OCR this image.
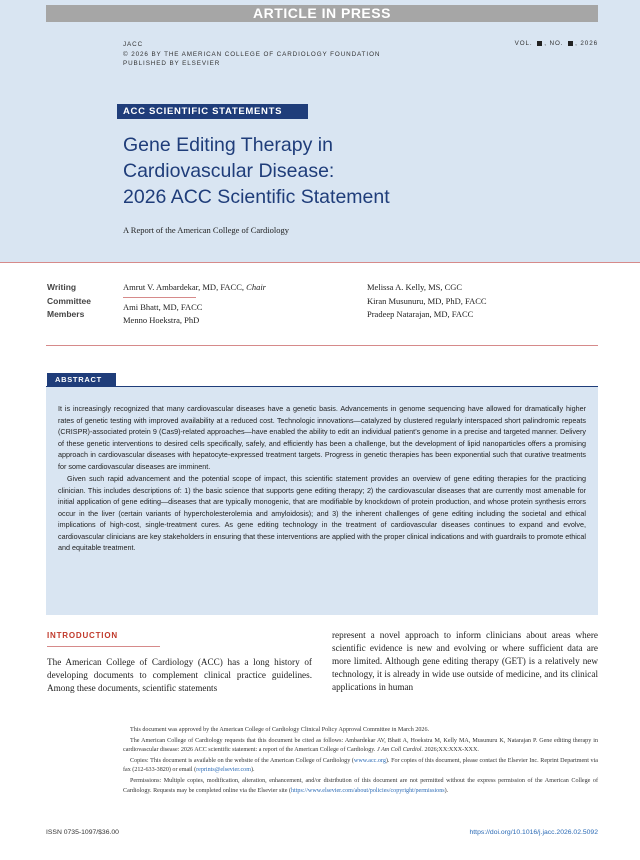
ARTICLE IN PRESS
JACC
© 2026 BY THE AMERICAN COLLEGE OF CARDIOLOGY FOUNDATION
PUBLISHED BY ELSEVIER
VOL. , NO. , 2026
ACC SCIENTIFIC STATEMENTS
Gene Editing Therapy in
Cardiovascular Disease:
2026 ACC Scientific Statement
A Report of the American College of Cardiology
Writing
Committee
Members
Amrut V. Ambardekar, MD, FACC, Chair
Ami Bhatt, MD, FACC
Menno Hoekstra, PhD
Melissa A. Kelly, MS, CGC
Kiran Musunuru, MD, PhD, FACC
Pradeep Natarajan, MD, FACC
ABSTRACT

It is increasingly recognized that many cardiovascular diseases have a genetic basis. Advancements in genome sequencing have allowed for dramatically higher rates of genetic testing with improved availability at a reduced cost. Technologic innovations—catalyzed by clustered regularly interspaced short palindromic repeats (CRISPR)-associated protein 9 (Cas9)-related approaches—have enabled the ability to edit an individual patient’s genome in a precise and targeted manner. Delivery of these genetic interventions to desired cells specifically, safely, and efficiently has been a challenge, but the development of lipid nanoparticles offers a promising approach in cardiovascular diseases with hepatocyte-expressed treatment targets. Progress in genetic therapies has been exponential such that curative treatments for some cardiovascular diseases are imminent.

Given such rapid advancement and the potential scope of impact, this scientific statement provides an overview of gene editing therapies for the practicing clinician. This includes descriptions of: 1) the basic science that supports gene editing therapy; 2) the cardiovascular diseases that are currently most amenable for initial application of gene editing—diseases that are typically monogenic, that are modifiable by knockdown of protein production, and whose protein synthesis errors occur in the liver (certain variants of hypercholesterolemia and amyloidosis); and 3) the inherent challenges of gene editing including the societal and ethical implications of high-cost, single-treatment cures. As gene editing technology in the treatment of cardiovascular diseases continues to expand and evolve, cardiovascular clinicians are key stakeholders in ensuring that these interventions are applied with the proper clinical indications and with guardrails to promote ethical and equitable treatment.

INTRODUCTION
The American College of Cardiology (ACC) has a long history of developing documents to complement clinical practice guidelines. Among these documents, scientific statements
represent a novel approach to inform clinicians about areas where scientific evidence is new and evolving or where sufficient data are more limited. Although gene editing therapy (GET) is a relatively new technology, it is already in wide use outside of medicine, and its clinical applications in human

This document was approved by the American College of Cardiology Clinical Policy Approval Committee in March 2026.

The American College of Cardiology requests that this document be cited as follows: Ambardekar AV, Bhatt A, Hoekstra M, Kelly MA, Musunuru K, Natarajan P. Gene editing therapy in cardiovascular disease: 2026 ACC scientific statement: a report of the American College of Cardiology. J Am Coll Cardiol. 2026;XX:XXX-XXX.

Copies: This document is available on the website of the American College of Cardiology (www.acc.org). For copies of this document, please contact the Elsevier Inc. Reprint Department via fax (212-633-3820) or email (reprints@elsevier.com).

Permissions: Multiple copies, modification, alteration, enhancement, and/or distribution of this document are not permitted without the express permission of the American College of Cardiology. Requests may be completed online via the Elsevier site (https://www.elsevier.com/about/policies/copyright/permissions).

ISSN 0735-1097/$36.00	https://doi.org/10.1016/j.jacc.2026.02.5092
